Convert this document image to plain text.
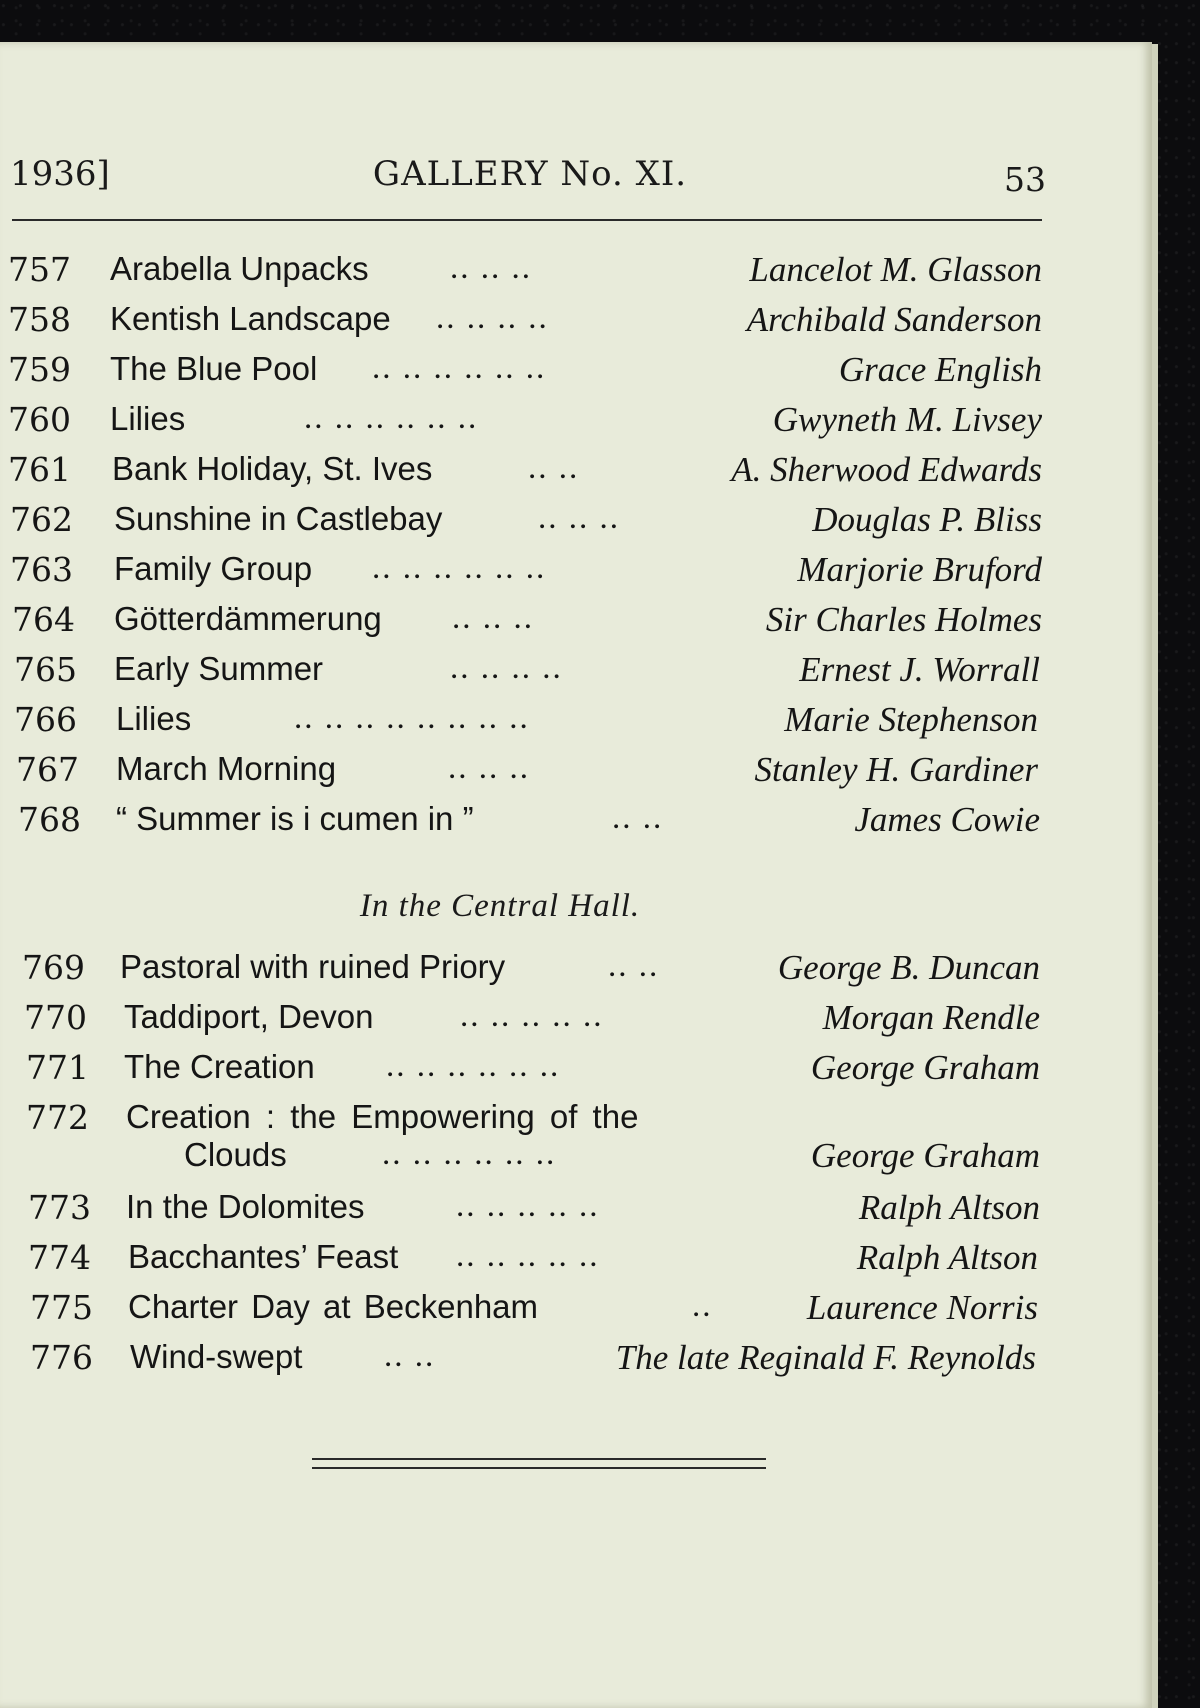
1936]	GALLERY No. XI.	53
757 Arabella Unpacks .. .. ..	Lancelot M. Glasson
758 Kentish Landscape .. .. .. ..	Archibald Sanderson
759 The Blue Pool .. .. .. .. .. ..	Grace English
760 Lilies	.. .. .. .. .. ..	Gwyneth M. Livsey
761 Bank Holiday, St. Ives	.. ..	A. Sherwood Edwards
762 Sunshine in Castlebay	.. .. ..	Douglas P. Bliss
763 Family Group .. .. .. .. .. ..	Marjorie Bruford
764 Götterdämmerung .. .. ..	Sir Charles Holmes
765 Early Summer	.. .. .. ..	Ernest J. Worrall
766 Lilies	.. .. .. .. .. .. .. ..	Marie Stephenson
767 March Morning	.. .. ..	Stanley H. Gardiner
768 “ Summer is i cumen in ”	.. ..	James Cowie
In the Central Hall.
769 Pastoral with ruined Priory	.. ..	George B. Duncan
770 Taddiport, Devon	.. .. .. .. ..	Morgan Rendle
771 The Creation .. .. .. .. .. ..	George Graham
772 Creation : the Empowering of the
Clouds	.. .. .. .. .. ..	George Graham
773 In the Dolomites	.. .. .. .. ..	Ralph Altson
774 Bacchantes’ Feast .. .. .. .. ..	Ralph Altson
775 Charter Day at Beckenham	..	Laurence Norris
776 Wind-swept .. ..	The late Reginald F. Reynolds
